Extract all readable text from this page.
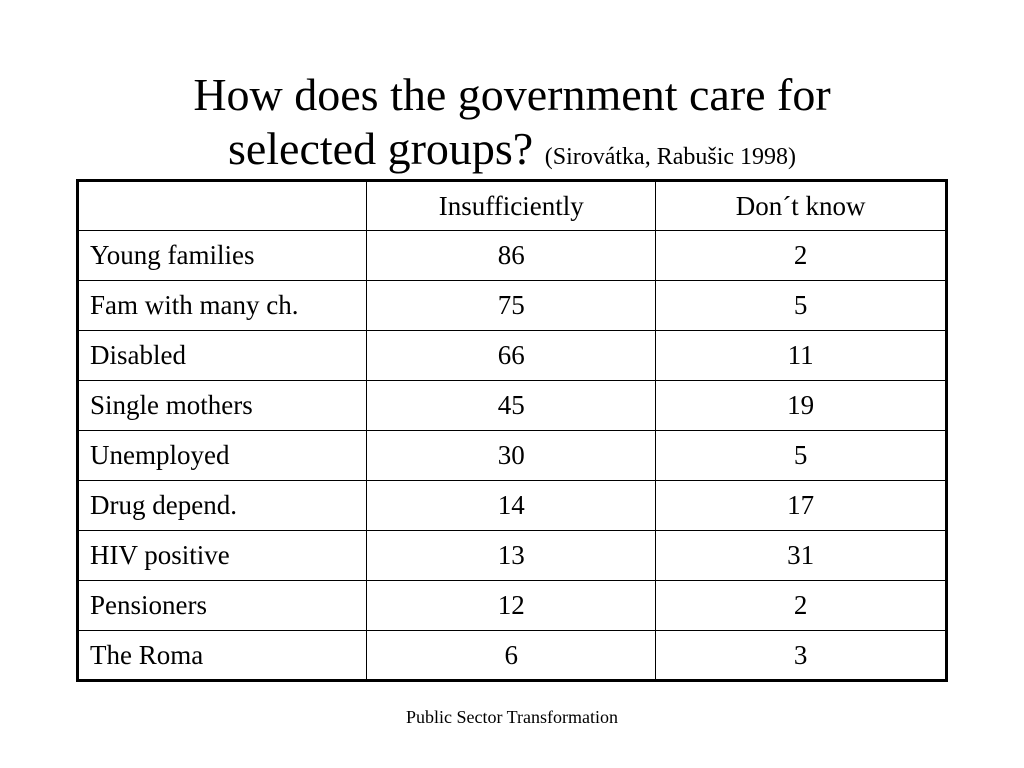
How does the government care for
selected groups? (Sirovátka, Rabušic 1998)
	Insufficiently	Don´t know
Young families	86	2
Fam with many ch.	75	5
Disabled	66	11
Single mothers	45	19
Unemployed	30	5
Drug depend.	14	17
HIV positive	13	31
Pensioners	12	2
The Roma	6	3
Public Sector Transformation
